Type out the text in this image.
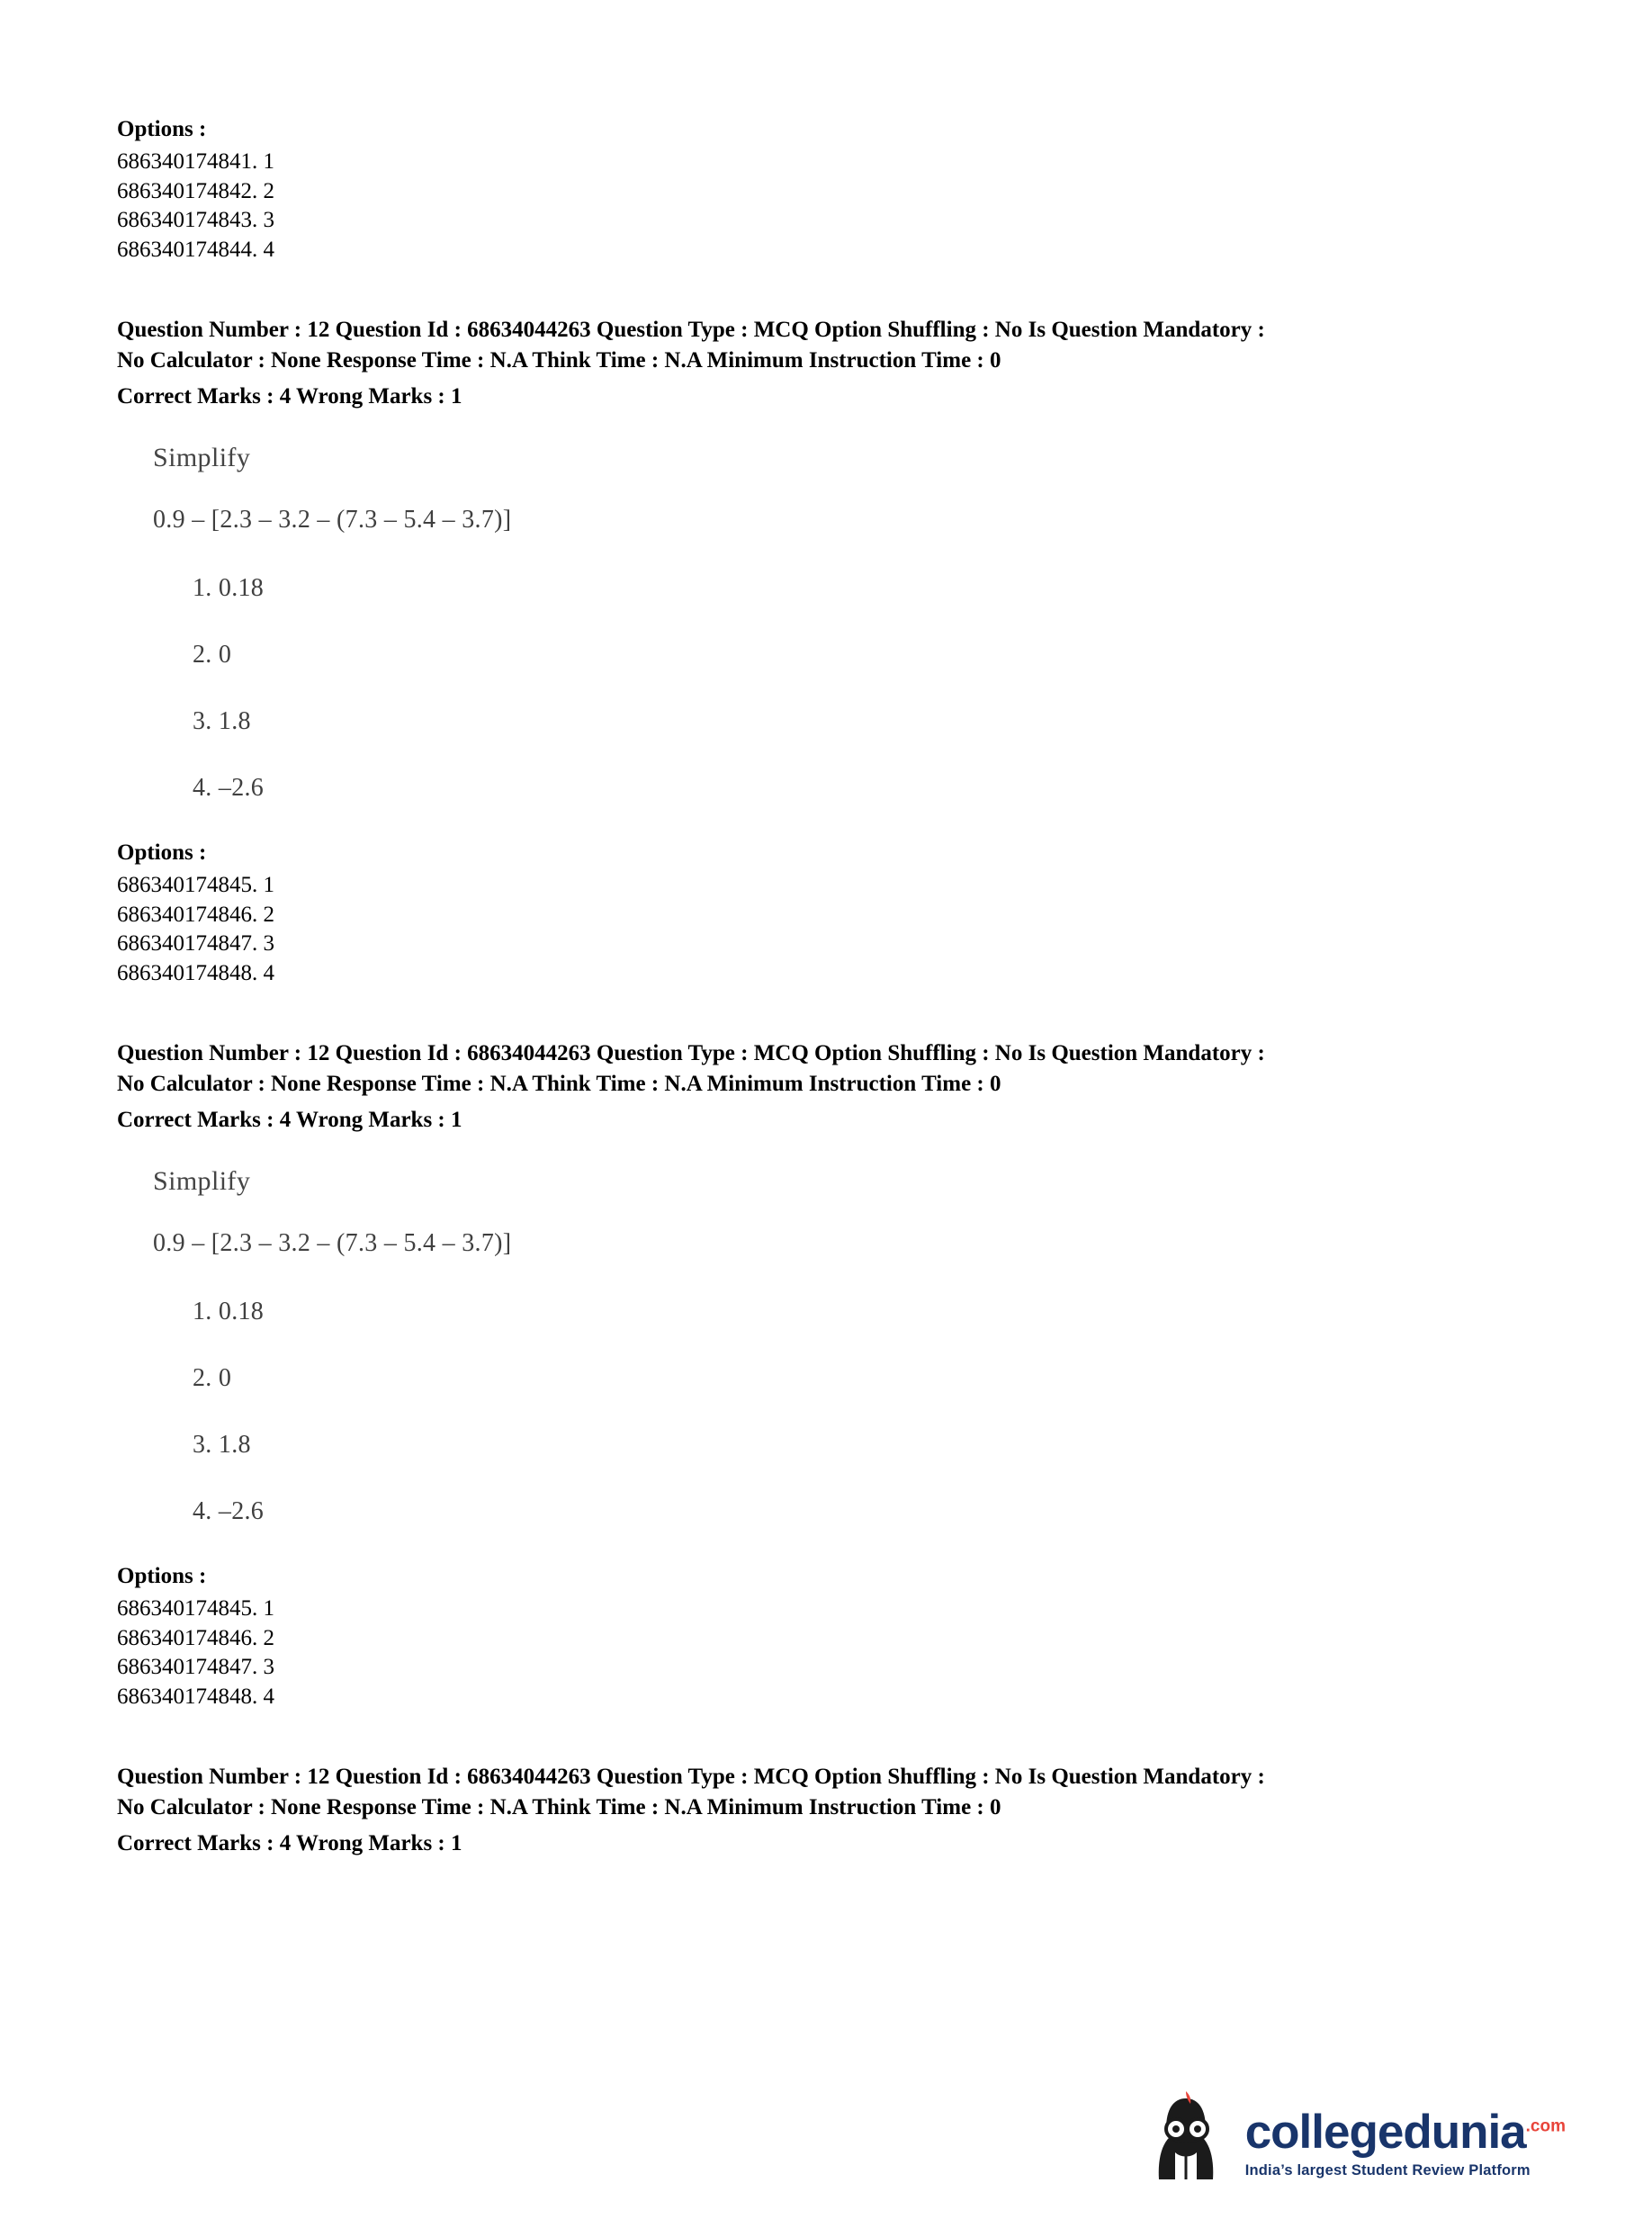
Options :
686340174841. 1
686340174842. 2
686340174843. 3
686340174844. 4
Question Number : 12 Question Id : 68634044263 Question Type : MCQ Option Shuffling : No Is Question Mandatory :
No Calculator : None Response Time : N.A Think Time : N.A Minimum Instruction Time : 0
Correct Marks : 4 Wrong Marks : 1
Simplify
0.9 – [2.3 – 3.2 – (7.3 – 5.4 – 3.7)]
1. 0.18
2. 0
3. 1.8
4. –2.6
Options :
686340174845. 1
686340174846. 2
686340174847. 3
686340174848. 4
Question Number : 12 Question Id : 68634044263 Question Type : MCQ Option Shuffling : No Is Question Mandatory :
No Calculator : None Response Time : N.A Think Time : N.A Minimum Instruction Time : 0
Correct Marks : 4 Wrong Marks : 1
Simplify
0.9 – [2.3 – 3.2 – (7.3 – 5.4 – 3.7)]
1. 0.18
2. 0
3. 1.8
4. –2.6
Options :
686340174845. 1
686340174846. 2
686340174847. 3
686340174848. 4
Question Number : 12 Question Id : 68634044263 Question Type : MCQ Option Shuffling : No Is Question Mandatory :
No Calculator : None Response Time : N.A Think Time : N.A Minimum Instruction Time : 0
Correct Marks : 4 Wrong Marks : 1
collegedunia$^{.com}$
India’s largest Student Review Platform
